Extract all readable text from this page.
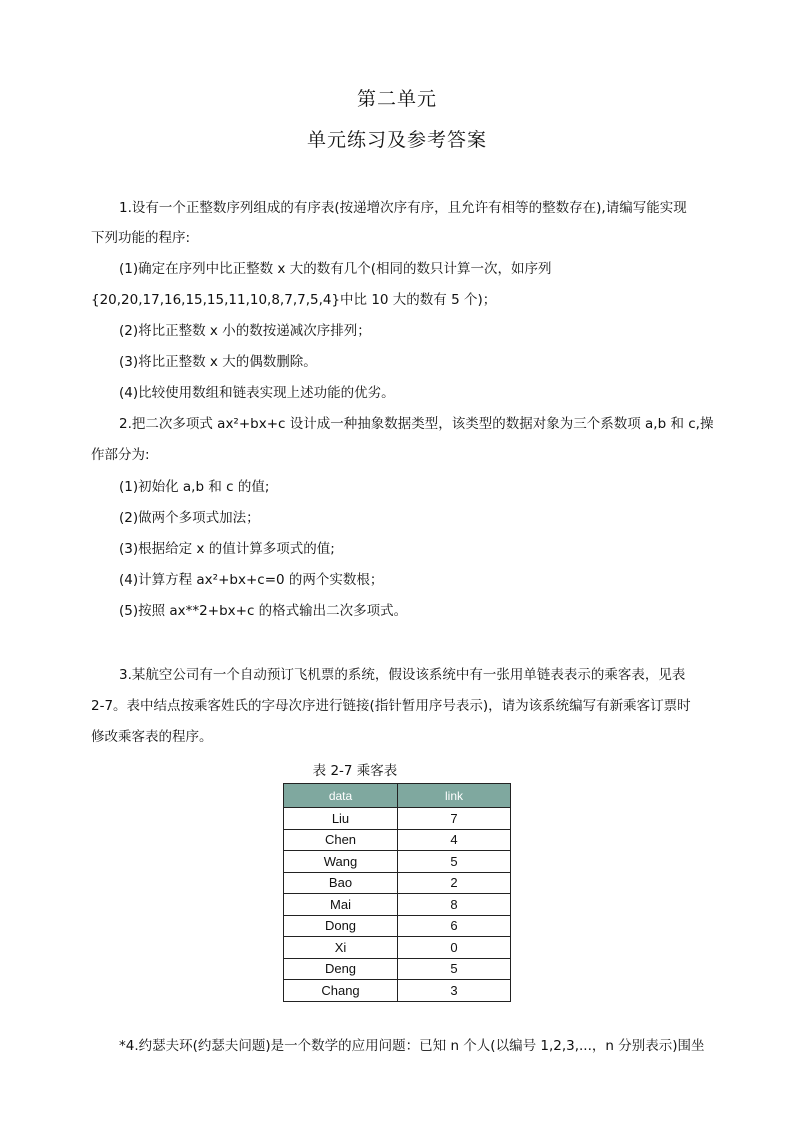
第二单元
单元练习及参考答案
1.设有一个正整数序列组成的有序表(按递增次序有序，且允许有相等的整数存在),请编写能实现
下列功能的程序:
(1)确定在序列中比正整数 x 大的数有几个(相同的数只计算一次，如序列
{20,20,17,16,15,15,11,10,8,7,7,5,4}中比 10 大的数有 5 个)；
(2)将比正整数 x 小的数按递减次序排列；
(3)将比正整数 x 大的偶数删除。
(4)比较使用数组和链表实现上述功能的优劣。
2.把二次多项式 ax²+bx+c 设计成一种抽象数据类型，该类型的数据对象为三个系数项 a,b 和 c,操
作部分为:
(1)初始化 a,b 和 c 的值;
(2)做两个多项式加法；
(3)根据给定 x 的值计算多项式的值;
(4)计算方程 ax²+bx+c=0 的两个实数根；
(5)按照 ax**2+bx+c 的格式输出二次多项式。
3.某航空公司有一个自动预订飞机票的系统，假设该系统中有一张用单链表表示的乘客表，见表
2-7。表中结点按乘客姓氏的字母次序进行链接(指针暂用序号表示)，请为该系统编写有新乘客订票时
修改乘客表的程序。
表 2-7 乘客表
data	link
Liu	7
Chen	4
Wang	5
Bao	2
Mai	8
Dong	6
Xi	0
Deng	5
Chang	3
*4.约瑟夫环(约瑟夫问题)是一个数学的应用问题：已知 n 个人(以编号 1,2,3,...，n 分别表示)围坐
